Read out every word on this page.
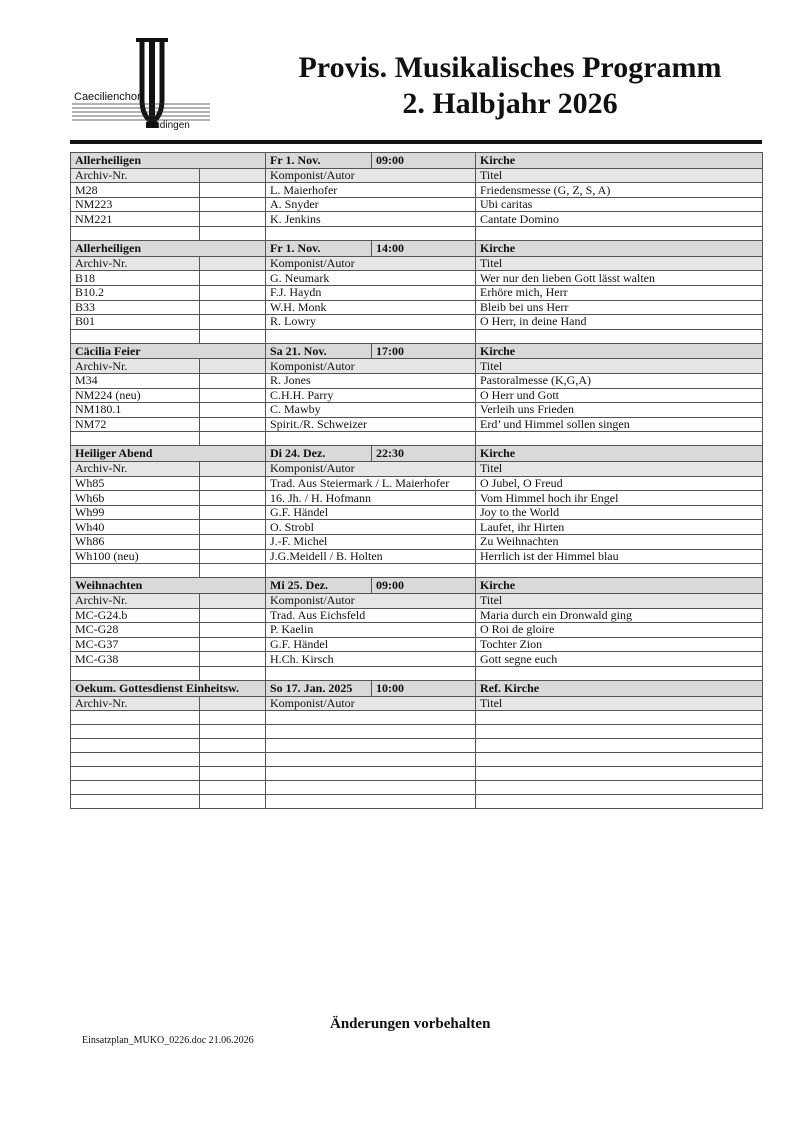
Caecilienchor
Düdingen
Provis. Musikalisches Programm
2. Halbjahr 2026
Allerheiligen		Fr 1. Nov.	09:00	Kirche
Archiv-Nr.		Komponist/Autor		Titel
M28		L. Maierhofer		Friedensmesse (G, Z, S, A)
NM223		A. Snyder		Ubi caritas
NM221		K. Jenkins		Cantate Domino

Allerheiligen		Fr 1. Nov.	14:00	Kirche
Archiv-Nr.		Komponist/Autor		Titel
B18		G. Neumark		Wer nur den lieben Gott lässt walten
B10.2		F.J. Haydn		Erhöre mich, Herr
B33		W.H. Monk		Bleib bei uns Herr
B01		R. Lowry		O Herr, in deine Hand

Cäcilia Feier		Sa 21. Nov.	17:00	Kirche
Archiv-Nr.		Komponist/Autor		Titel
M34		R. Jones		Pastoralmesse (K,G,A)
NM224 (neu)		C.H.H. Parry		O Herr und Gott
NM180.1		C. Mawby		Verleih uns Frieden
NM72		Spirit./R. Schweizer		Erd’ und Himmel sollen singen

Heiliger Abend		Di 24. Dez.	22:30	Kirche
Archiv-Nr.		Komponist/Autor		Titel
Wh85		Trad. Aus Steiermark / L. Maierhofer		O Jubel, O Freud
Wh6b		16. Jh. / H. Hofmann		Vom Himmel hoch ihr Engel
Wh99		G.F. Händel		Joy to the World
Wh40		O. Strobl		Laufet, ihr Hirten
Wh86		J.-F. Michel		Zu Weihnachten
Wh100 (neu)		J.G.Meidell / B. Holten		Herrlich ist der Himmel blau

Weihnachten		Mi 25. Dez.	09:00	Kirche
Archiv-Nr.		Komponist/Autor		Titel
MC-G24.b		Trad. Aus Eichsfeld		Maria durch ein Dronwald ging
MC-G28		P. Kaelin		O Roi de gloire
MC-G37		G.F. Händel		Tochter Zion
MC-G38		H.Ch. Kirsch		Gott segne euch

Oekum. Gottesdienst Einheitsw.		So 17. Jan. 2025	10:00	Ref. Kirche
Archiv-Nr.		Komponist/Autor		Titel

Änderungen vorbehalten
Einsatzplan_MUKO_0226.doc 21.06.2026
